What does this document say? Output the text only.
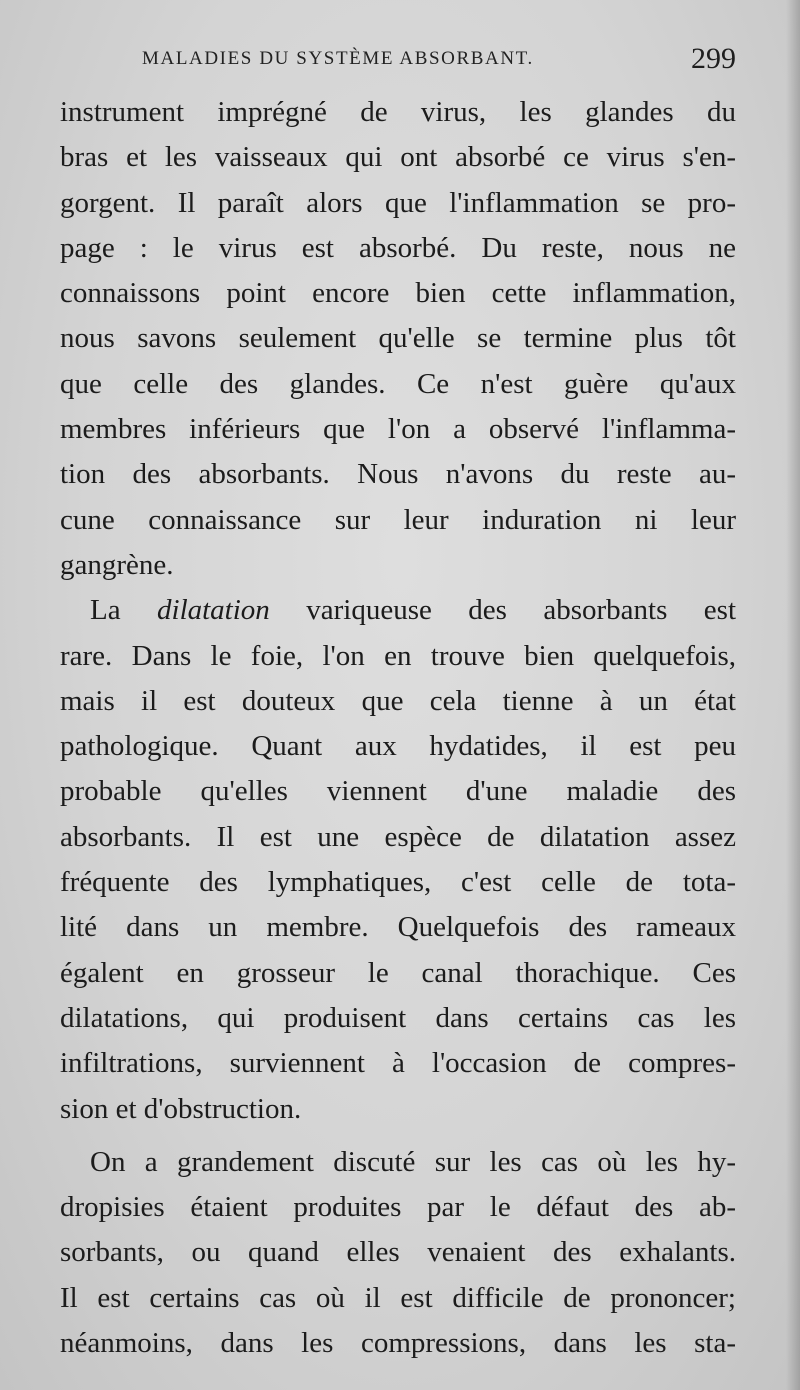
MALADIES DU SYSTÈME ABSORBANT.	299
instrument imprégné de virus, les glandes du
bras et les vaisseaux qui ont absorbé ce virus s'en-
gorgent. Il paraît alors que l'inflammation se pro-
page : le virus est absorbé. Du reste, nous ne
connaissons point encore bien cette inflammation,
nous savons seulement qu'elle se termine plus tôt
que celle des glandes. Ce n'est guère qu'aux
membres inférieurs que l'on a observé l'inflamma-
tion des absorbants. Nous n'avons du reste au-
cune connaissance sur leur induration ni leur
gangrène.
La dilatation variqueuse des absorbants est
rare. Dans le foie, l'on en trouve bien quelquefois,
mais il est douteux que cela tienne à un état
pathologique. Quant aux hydatides, il est peu
probable qu'elles viennent d'une maladie des
absorbants. Il est une espèce de dilatation assez
fréquente des lymphatiques, c'est celle de tota-
lité dans un membre. Quelquefois des rameaux
égalent en grosseur le canal thorachique. Ces
dilatations, qui produisent dans certains cas les
infiltrations, surviennent à l'occasion de compres-
sion et d'obstruction.
On a grandement discuté sur les cas où les hy-
dropisies étaient produites par le défaut des ab-
sorbants, ou quand elles venaient des exhalants.
Il est certains cas où il est difficile de prononcer;
néanmoins, dans les compressions, dans les sta-
